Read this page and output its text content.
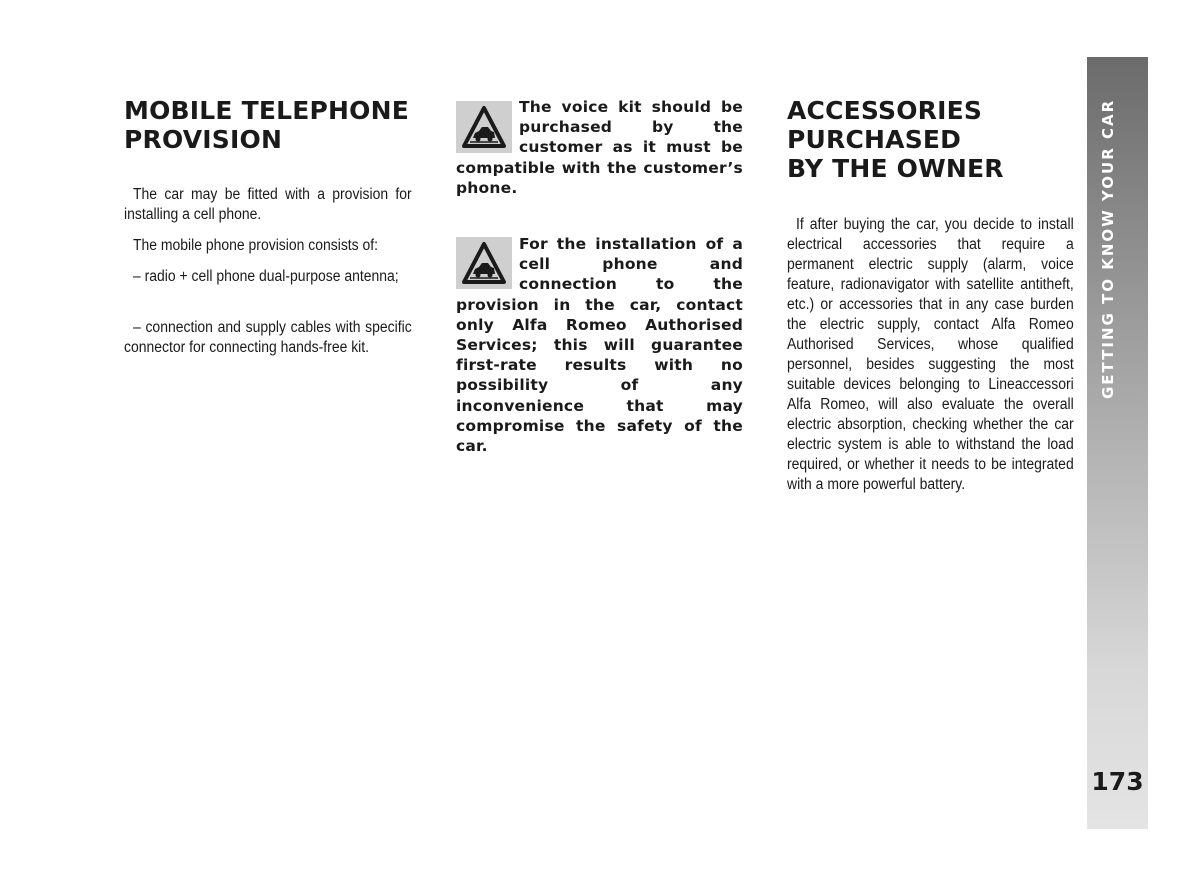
MOBILE TELEPHONE
PROVISION

The car may be fitted with a provision for installing a cell phone.

The mobile phone provision consists of:

– radio + cell phone dual-purpose antenna;

– connection and supply cables with specific connector for connecting hands-free kit.

The voice kit should be purchased by the customer as it must be compatible with the customer’s phone.
For the installation of a cell phone and connection to the provision in the car, contact only Alfa Romeo Authorised Services; this will guarantee first-rate results with no possibility of any inconvenience that may compromise the safety of the car.
ACCESSORIES
PURCHASED
BY THE OWNER

If after buying the car, you decide to install electrical accessories that require a permanent electric supply (alarm, voice feature, radionavigator with satellite antitheft, etc.) or accessories that in any case burden the electric supply, contact Alfa Romeo Authorised Services, whose qualified personnel, besides suggesting the most suitable devices belonging to Lineaccessori Alfa Romeo, will also evaluate the overall electric absorption, checking whether the car electric system is able to withstand the load required, or whether it needs to be integrated with a more powerful battery.

GETTING TO KNOW YOUR CAR
173
